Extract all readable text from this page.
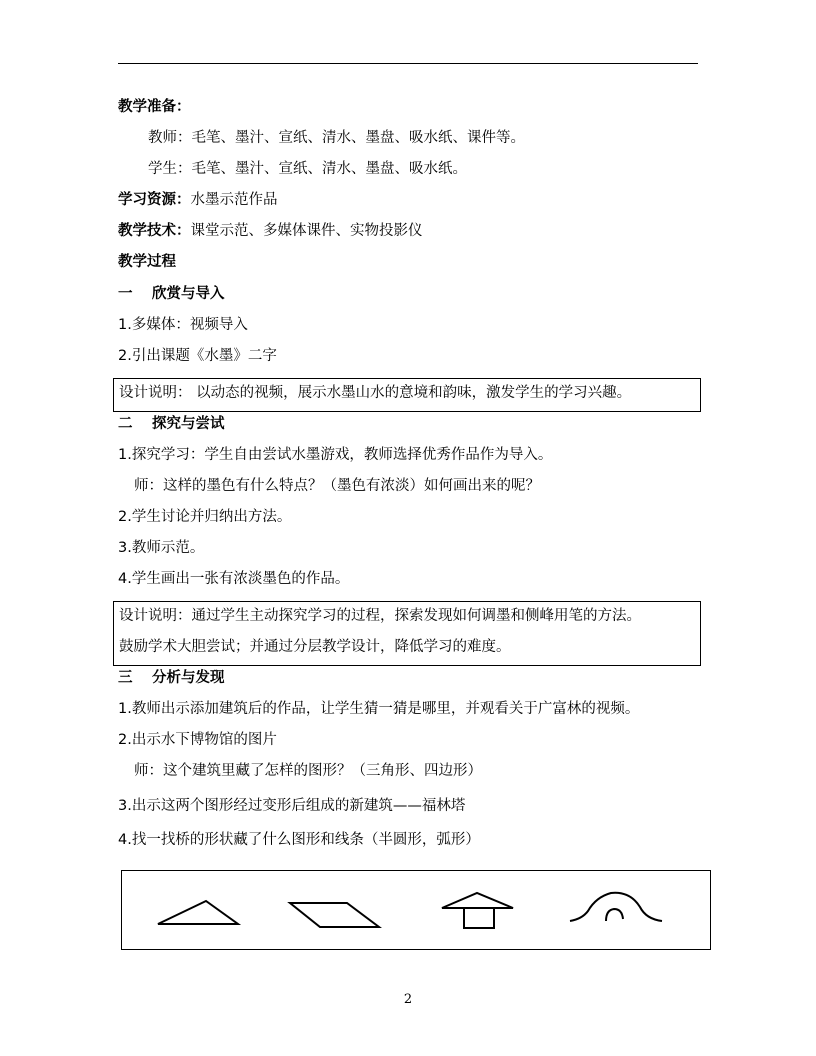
教学准备：
教师：毛笔、墨汁、宣纸、清水、墨盘、吸水纸、课件等。
学生：毛笔、墨汁、宣纸、清水、墨盘、吸水纸。
学习资源：水墨示范作品
教学技术：课堂示范、多媒体课件、实物投影仪
教学过程
一　 欣赏与导入
1.多媒体：视频导入
2.引出课题《水墨》二字
设计说明： 以动态的视频，展示水墨山水的意境和韵味，激发学生的学习兴趣。
二　 探究与尝试
1.探究学习：学生自由尝试水墨游戏，教师选择优秀作品作为导入。
师：这样的墨色有什么特点？（墨色有浓淡）如何画出来的呢？
2.学生讨论并归纳出方法。
3.教师示范。
4.学生画出一张有浓淡墨色的作品。
设计说明：通过学生主动探究学习的过程，探索发现如何调墨和侧峰用笔的方法。
鼓励学术大胆尝试；并通过分层教学设计，降低学习的难度。
三　 分析与发现
1.教师出示添加建筑后的作品，让学生猜一猜是哪里，并观看关于广富林的视频。
2.出示水下博物馆的图片
师：这个建筑里藏了怎样的图形？（三角形、四边形）
3.出示这两个图形经过变形后组成的新建筑——福林塔
4.找一找桥的形状藏了什么图形和线条（半圆形，弧形）
2
